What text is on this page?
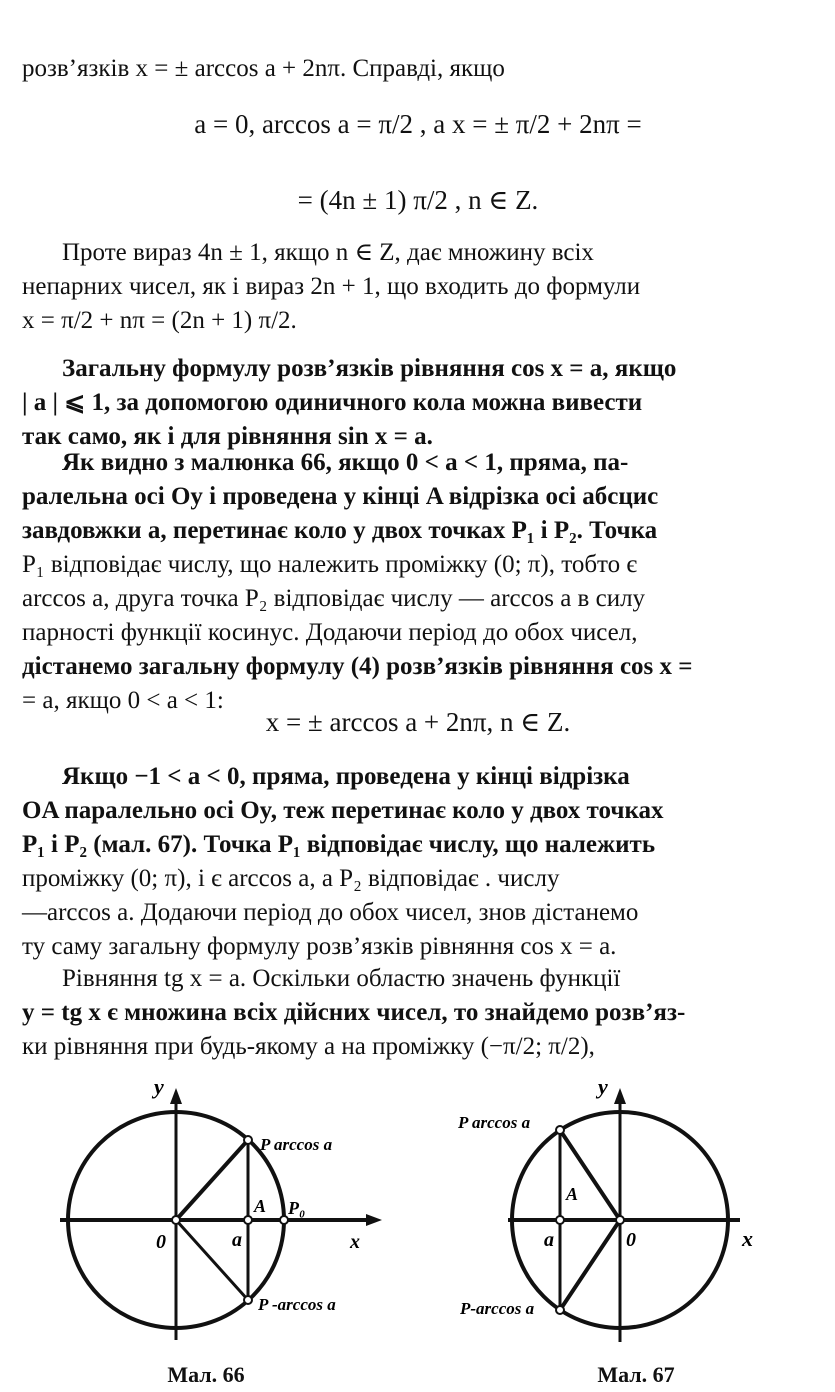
розв’язків x = ± arccos a + 2nπ. Справді, якщо
a = 0, arccos a = π/2 , а x = ± π/2 + 2nπ =
= (4n ± 1) π/2 , n ∈ Z.
Проте вираз 4n ± 1, якщо n ∈ Z, дає множину всіх
непарних чисел, як і вираз 2n + 1, що входить до формули
x = π/2 + nπ = (2n + 1) π/2.
Загальну формулу розв’язків рівняння cos x = a, якщо
| a | ⩽ 1, за допомогою одиничного кола можна вивести
так само, як і для рівняння sin x = a.
Як видно з малюнка 66, якщо 0 < a < 1, пряма, па-
ралельна осі Oy і проведена у кінці A відрізка осі абсцис
завдовжки a, перетинає коло у двох точках P₁ і P₂. Точка
P₁ відповідає числу, що належить проміжку (0; π), тобто є
arccos a, друга точка P₂ відповідає числу — arccos a в силу
парності функції косинус. Додаючи період до обох чисел,
дістанемо загальну формулу (4) розв’язків рівняння cos x =
= a, якщо 0 < a < 1:
x = ± arccos a + 2nπ, n ∈ Z.
Якщо −1 < a < 0, пряма, проведена у кінці відрізка
OA паралельно осі Oy, теж перетинає коло у двох точках
P₁ і P₂ (мал. 67). Точка P₁ відповідає числу, що належить
проміжку (0; π), і є arccos a, а P₂ відповідає . числу
—arccos a. Додаючи період до обох чисел, знов дістанемо
ту саму загальну формулу розв’язків рівняння cos x = a.
Рівняння tg x = a. Оскільки областю значень функції
y = tg x є множина всіх дійсних чисел, то знайдемо розв’яз-
ки рівняння при будь-якому a на проміжку (−π/2; π/2),
y
x
0	a
A P₀
P arccos a
P -arccos a
Мал. 66
y
x
0
a
A
P arccos a
P-arccos a
Мал. 67
